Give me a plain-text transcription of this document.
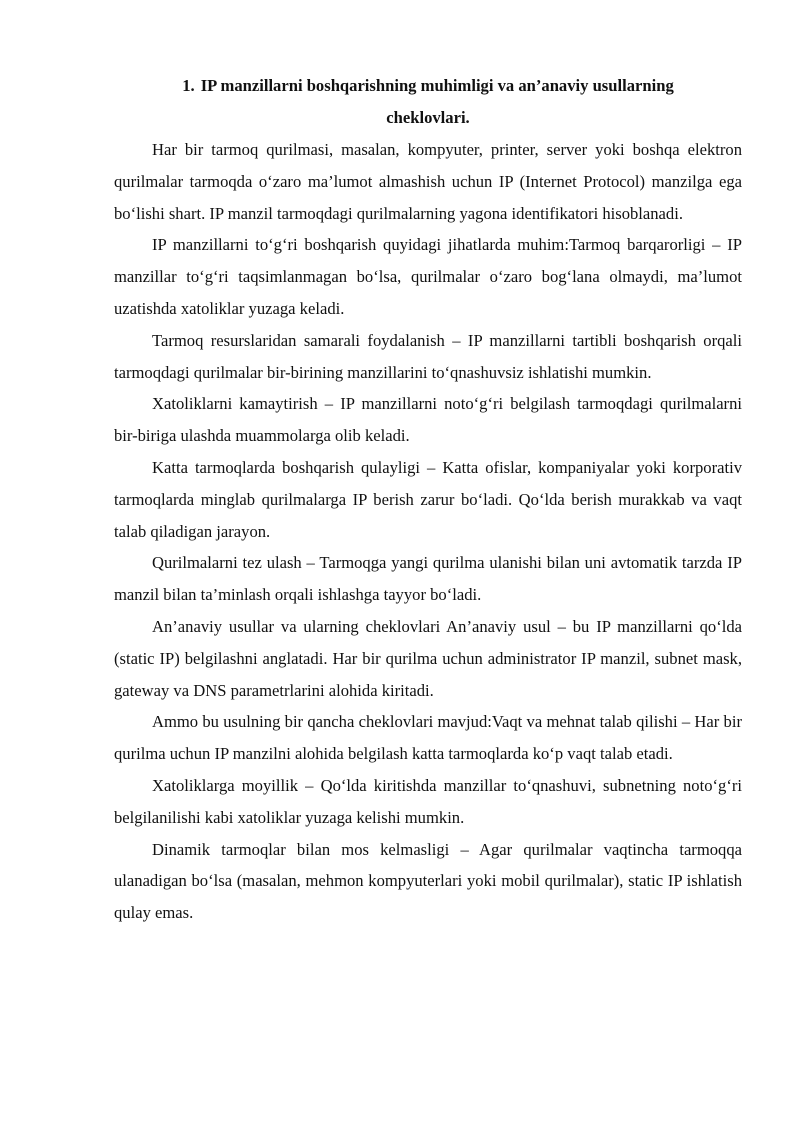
1. IP manzillarni boshqarishning muhimligi va an’anaviy usullarning
cheklovlari.

Har bir tarmoq qurilmasi, masalan, kompyuter, printer, server yoki boshqa elektron qurilmalar tarmoqda o‘zaro ma’lumot almashish uchun IP (Internet Protocol) manzilga ega bo‘lishi shart. IP manzil tarmoqdagi qurilmalarning yagona identifikatori hisoblanadi.

IP manzillarni to‘g‘ri boshqarish quyidagi jihatlarda muhim:Tarmoq barqarorligi – IP manzillar to‘g‘ri taqsimlanmagan bo‘lsa, qurilmalar o‘zaro bog‘lana olmaydi, ma’lumot uzatishda xatoliklar yuzaga keladi.

Tarmoq resurslaridan samarali foydalanish – IP manzillarni tartibli boshqarish orqali tarmoqdagi qurilmalar bir-birining manzillarini to‘qnashuvsiz ishlatishi mumkin.

Xatoliklarni kamaytirish – IP manzillarni noto‘g‘ri belgilash tarmoqdagi qurilmalarni bir-biriga ulashda muammolarga olib keladi.

Katta tarmoqlarda boshqarish qulayligi – Katta ofislar, kompaniyalar yoki korporativ tarmoqlarda minglab qurilmalarga IP berish zarur bo‘ladi. Qo‘lda berish murakkab va vaqt talab qiladigan jarayon.

Qurilmalarni tez ulash – Tarmoqga yangi qurilma ulanishi bilan uni avtomatik tarzda IP manzil bilan ta’minlash orqali ishlashga tayyor bo‘ladi.

An’anaviy usullar va ularning cheklovlari An’anaviy usul – bu IP manzillarni qo‘lda (static IP) belgilashni anglatadi. Har bir qurilma uchun administrator IP manzil, subnet mask, gateway va DNS parametrlarini alohida kiritadi.

Ammo bu usulning bir qancha cheklovlari mavjud:Vaqt va mehnat talab qilishi – Har bir qurilma uchun IP manzilni alohida belgilash katta tarmoqlarda ko‘p vaqt talab etadi.

Xatoliklarga moyillik – Qo‘lda kiritishda manzillar to‘qnashuvi, subnetning noto‘g‘ri belgilanilishi kabi xatoliklar yuzaga kelishi mumkin.

Dinamik tarmoqlar bilan mos kelmasligi – Agar qurilmalar vaqtincha tarmoqqa ulanadigan bo‘lsa (masalan, mehmon kompyuterlari yoki mobil qurilmalar), static IP ishlatish qulay emas.
